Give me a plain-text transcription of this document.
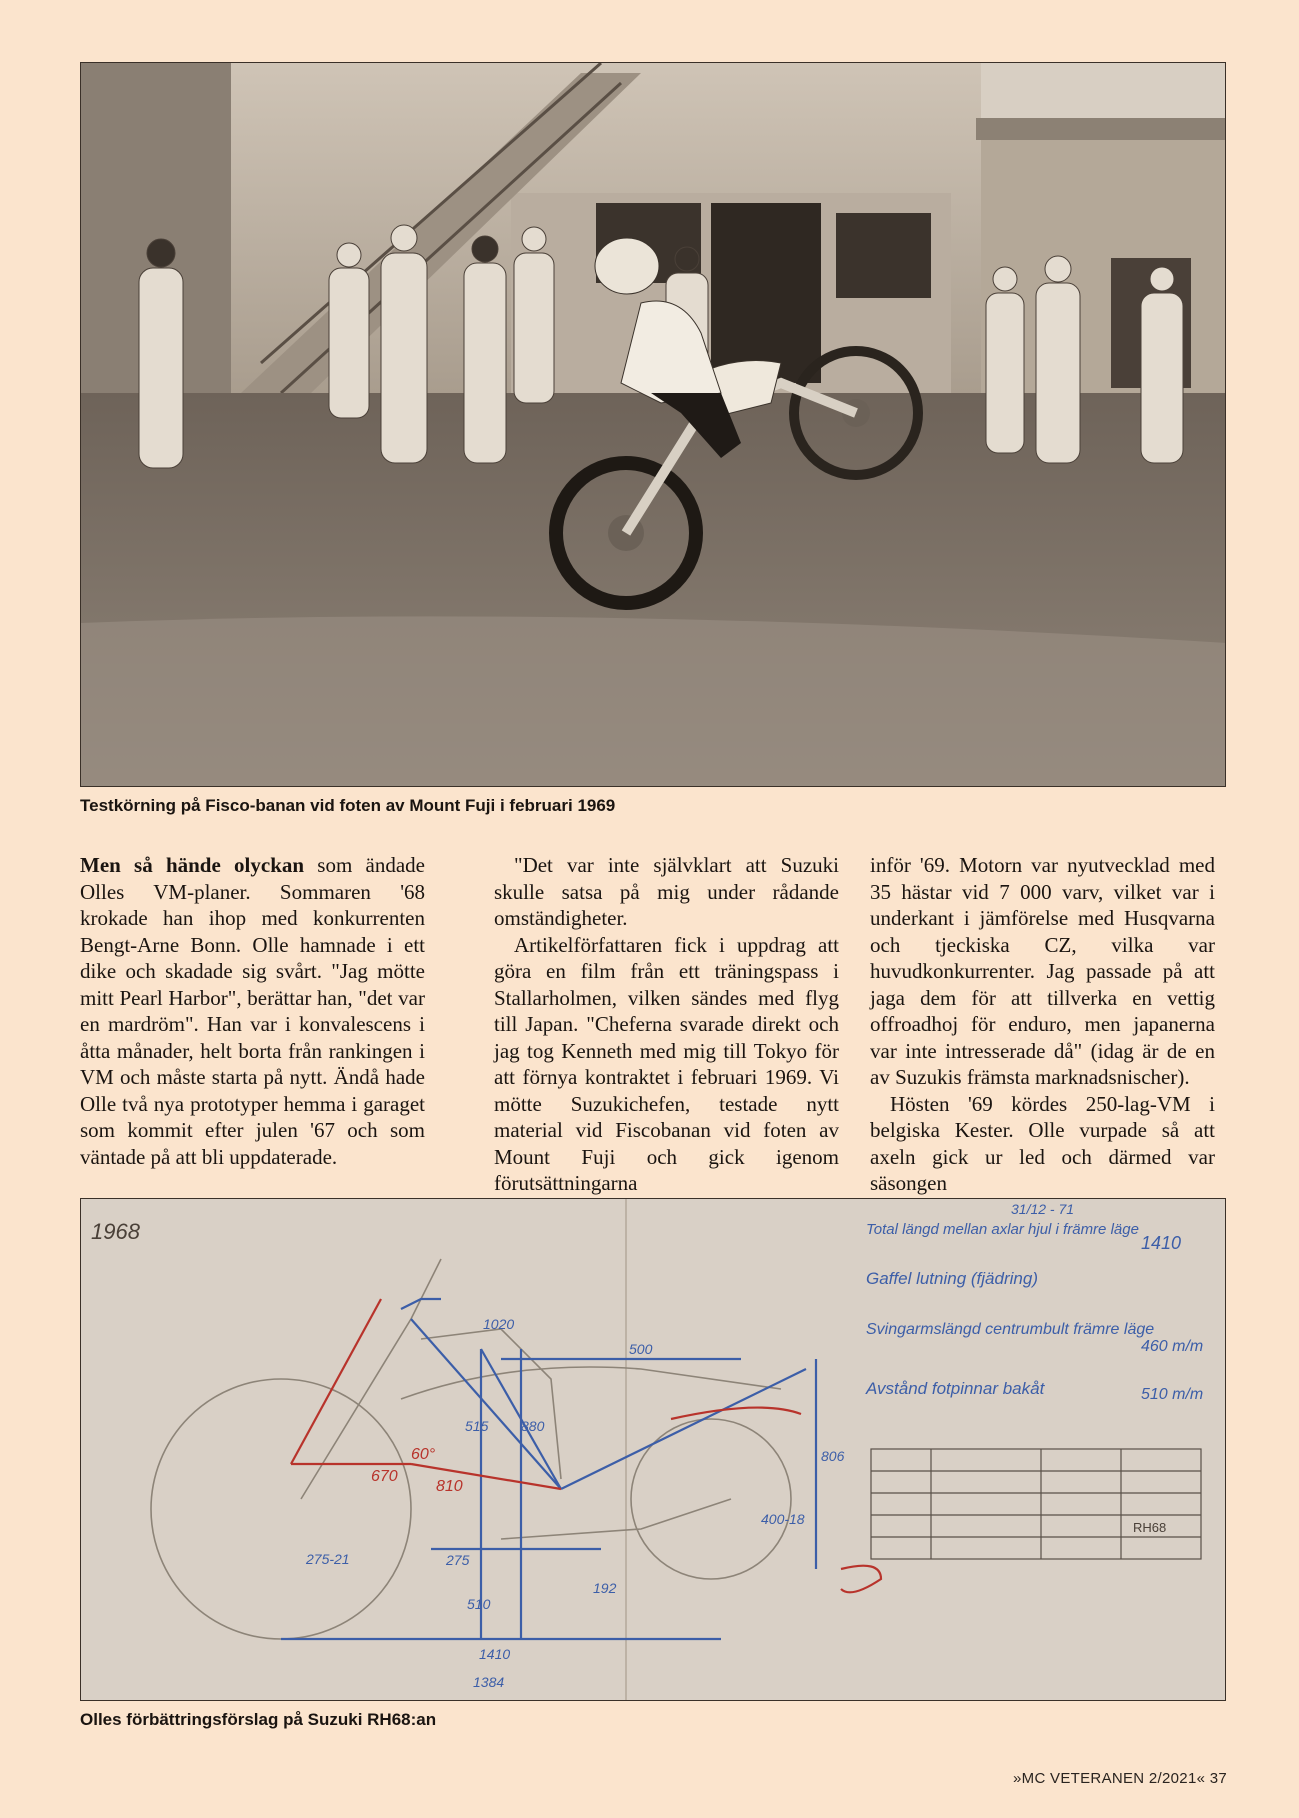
Testkörning på Fisco-banan vid foten av Mount Fuji i februari 1969

Men så hände olyckan som ändade Olles VM-planer. Sommaren '68 krokade han ihop med konkurrenten Bengt-Arne Bonn. Olle hamnade i ett dike och skadade sig svårt. "Jag mötte mitt Pearl Harbor", berättar han, "det var en mardröm". Han var i konvalescens i åtta månader, helt borta från rankingen i VM och måste starta på nytt. Ändå hade Olle två nya prototyper hemma i garaget som kommit efter julen '67 och som väntade på att bli uppdaterade.

"Det var inte självklart att Suzuki skulle satsa på mig under rådande omständigheter.

Artikelförfattaren fick i uppdrag att göra en film från ett träningspass i Stallarholmen, vilken sändes med flyg till Japan. "Cheferna svarade direkt och jag tog Kenneth med mig till Tokyo för att förnya kontraktet i februari 1969. Vi mötte Suzukichefen, testade nytt material vid Fiscobanan vid foten av Mount Fuji och gick igenom förutsättningarna

inför '69. Motorn var nyutvecklad med 35 hästar vid 7 000 varv, vilket var i underkant i jämförelse med Husqvarna och tjeckiska CZ, vilka var huvudkonkurrenter. Jag passade på att jaga dem för att tillverka en vettig offroadhoj för enduro, men japanerna var inte intresserade då" (idag är de en av Suzukis främsta marknadsnischer).

Hösten '69 kördes 250-lag-VM i belgiska Kester. Olle vurpade så att axeln gick ur led och därmed var säsongen

1968
31/12 - 71
Total längd mellan axlar hjul i främre läge
1410
Gaffel lutning (fjädring)
Svingarmslängd centrumbult främre läge
460 m/m
Avstånd fotpinnar bakåt	510 m/m
1020
500
515 880
806
510
192
275
1410
1384
275-21
400-18
60°
670
810
RH68
Olles förbättringsförslag på Suzuki RH68:an
»MC VETERANEN 2/2021« 37
